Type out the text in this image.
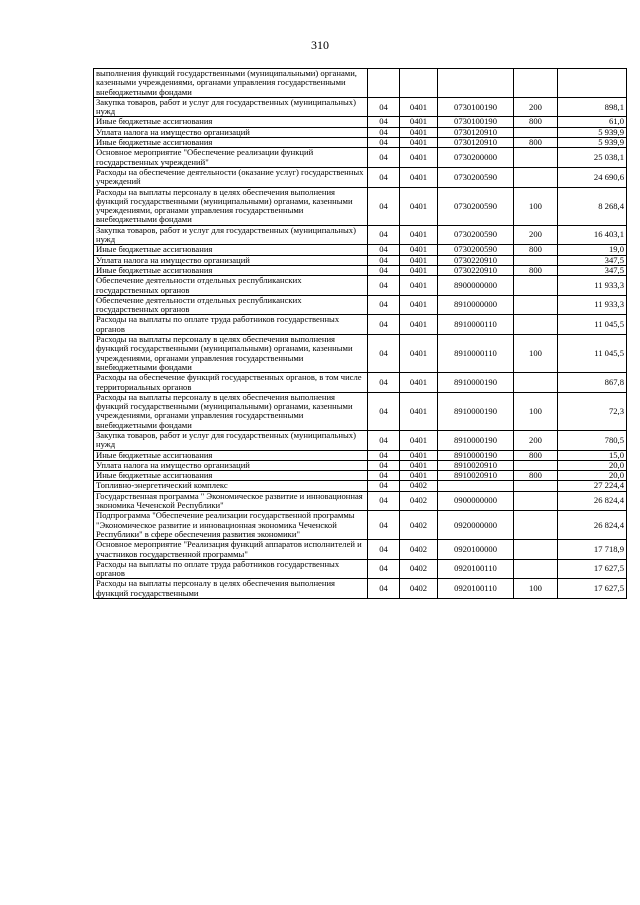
310
выполнения функций государственными (муниципальными) органами, казенными учреждениями, органами управления государственными внебюджетными фондами					
Закупка товаров, работ и услуг для государственных (муниципальных) нужд	04	0401	0730100190	200	898,1
Иные бюджетные ассигнования	04	0401	0730100190	800	61,0
Уплата налога на имущество организаций	04	0401	0730120910		5 939,9
Иные бюджетные ассигнования	04	0401	0730120910	800	5 939,9
Основное мероприятие "Обеспечение реализации функций государственных учреждений"	04	0401	0730200000		25 038,1
Расходы на обеспечение деятельности (оказание услуг) государственных учреждений	04	0401	0730200590		24 690,6
Расходы на выплаты персоналу в целях обеспечения выполнения функций государственными (муниципальными) органами, казенными учреждениями, органами управления государственными внебюджетными фондами	04	0401	0730200590	100	8 268,4
Закупка товаров, работ и услуг для государственных (муниципальных) нужд	04	0401	0730200590	200	16 403,1
Иные бюджетные ассигнования	04	0401	0730200590	800	19,0
Уплата налога на имущество организаций	04	0401	0730220910		347,5
Иные бюджетные ассигнования	04	0401	0730220910	800	347,5
Обеспечение деятельности отдельных республиканских государственных органов	04	0401	8900000000		11 933,3
Обеспечение деятельности отдельных республиканских государственных органов	04	0401	8910000000		11 933,3
Расходы на выплаты по оплате труда работников государственных органов	04	0401	8910000110		11 045,5
Расходы на выплаты персоналу в целях обеспечения выполнения функций государственными (муниципальными) органами, казенными учреждениями, органами управления государственными внебюджетными фондами	04	0401	8910000110	100	11 045,5
Расходы на обеспечение функций государственных органов, в том числе территориальных органов	04	0401	8910000190		867,8
Расходы на выплаты персоналу в целях обеспечения выполнения функций государственными (муниципальными) органами, казенными учреждениями, органами управления государственными внебюджетными фондами	04	0401	8910000190	100	72,3
Закупка товаров, работ и услуг для государственных (муниципальных) нужд	04	0401	8910000190	200	780,5
Иные бюджетные ассигнования	04	0401	8910000190	800	15,0
Уплата налога на имущество организаций	04	0401	8910020910		20,0
Иные бюджетные ассигнования	04	0401	8910020910	800	20,0
Топливно-энергетический комплекс	04	0402			27 224,4
Государственная программа " Экономическое развитие и инновационная экономика Чеченской Республики"	04	0402	0900000000		26 824,4
Подпрограмма "Обеспечение реализации государственной программы "Экономическое развитие и инновационная экономика Чеченской Республики" в сфере обеспечения развития экономики"	04	0402	0920000000		26 824,4
Основное мероприятие "Реализация функций аппаратов исполнителей и участников государственной программы"	04	0402	0920100000		17 718,9
Расходы на выплаты по оплате труда работников государственных органов	04	0402	0920100110		17 627,5
Расходы на выплаты персоналу в целях обеспечения выполнения функций государственными	04	0402	0920100110	100	17 627,5
